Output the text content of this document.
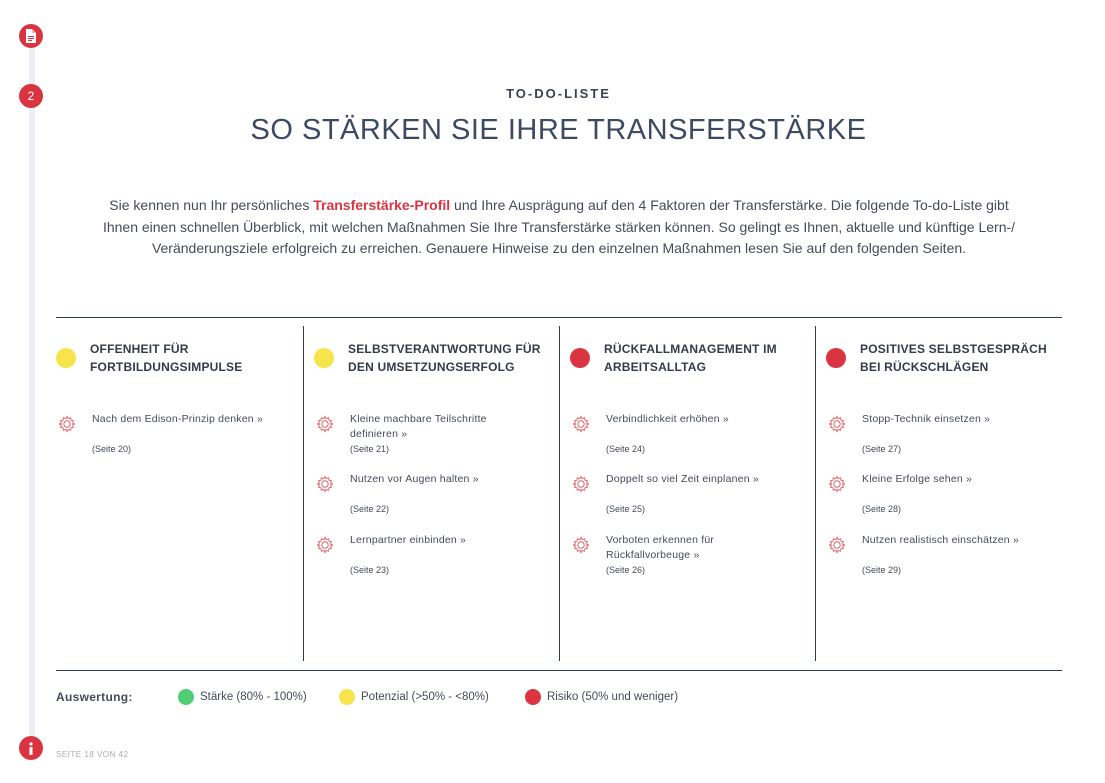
2	TO-DO-LISTE
SO STÄRKEN SIE IHRE TRANSFERSTÄRKE
Sie kennen nun Ihr persönliches Transferstärke-Profil und Ihre Ausprägung auf den 4 Faktoren der Transferstärke. Die folgende To-do-Liste gibt Ihnen einen schnellen Überblick, mit welchen Maßnahmen Sie Ihre Transferstärke stärken können. So gelingt es Ihnen, aktuelle und künftige Lern-/ Veränderungsziele erfolgreich zu erreichen. Genauere Hinweise zu den einzelnen Maßnahmen lesen Sie auf den folgenden Seiten.
OFFENHEIT FÜR FORTBILDUNGSIMPULSE
Nach dem Edison-Prinzip denken »
(Seite 20)
SELBSTVERANTWORTUNG FÜR DEN UMSETZUNGSERFOLG
Kleine machbare Teilschritte definieren »
(Seite 21)
Nutzen vor Augen halten »
(Seite 22)
Lernpartner einbinden »
(Seite 23)
RÜCKFALLMANAGEMENT IM ARBEITSALLTAG
Verbindlichkeit erhöhen »
(Seite 24)
Doppelt so viel Zeit einplanen »
(Seite 25)
Vorboten erkennen für Rückfallvorbeuge »
(Seite 26)
POSITIVES SELBSTGESPRÄCH BEI RÜCKSCHLÄGEN
Stopp-Technik einsetzen »
(Seite 27)
Kleine Erfolge sehen »
(Seite 28)
Nutzen realistisch einschätzen »
(Seite 29)
Auswertung:	Stärke (80% - 100%)	Potenzial (>50% - <80%)	Risiko (50% und weniger)
SEITE 18 VON 42
